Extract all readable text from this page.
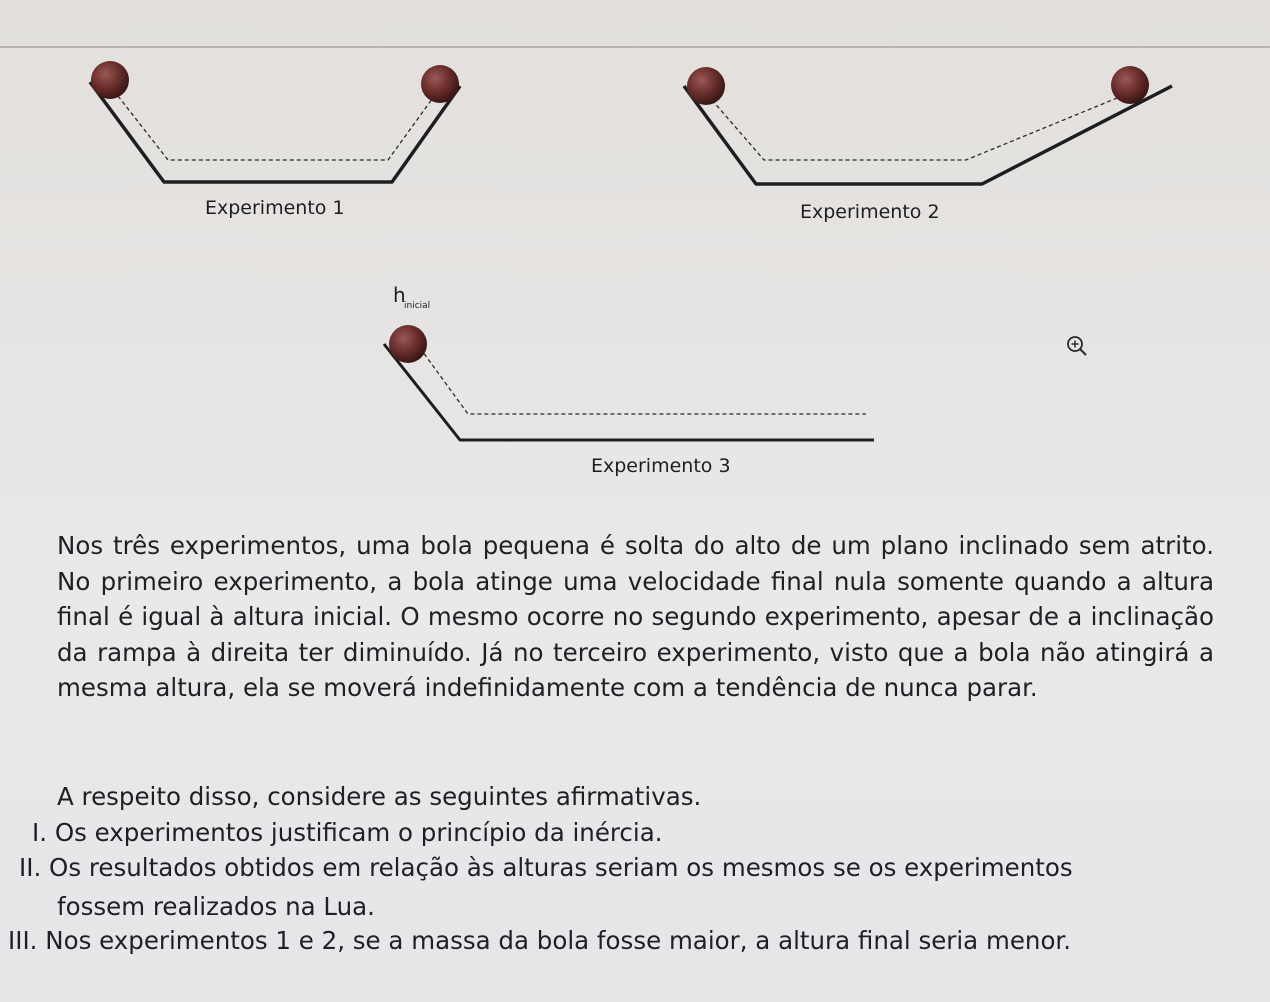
Experimento 1	Experimento 2
h
inicial
Experimento 3

Nos três experimentos, uma bola pequena é solta do alto de um plano inclinado sem atrito. No primeiro experimento, a bola atinge uma velocidade final nula somente quando a altura final é igual à altura inicial. O mesmo ocorre no segundo experimento, apesar de a inclinação da rampa à direita ter diminuído. Já no terceiro experimento, visto que a bola não atingirá a mesma altura, ela se moverá indefinidamente com a tendência de nunca parar.

A respeito disso, considere as seguintes afirmativas.

I. Os experimentos justificam o princípio da inércia.

II. Os resultados obtidos em relação às alturas seriam os mesmos se os experimentos

fossem realizados na Lua.

III. Nos experimentos 1 e 2, se a massa da bola fosse maior, a altura final seria menor.
